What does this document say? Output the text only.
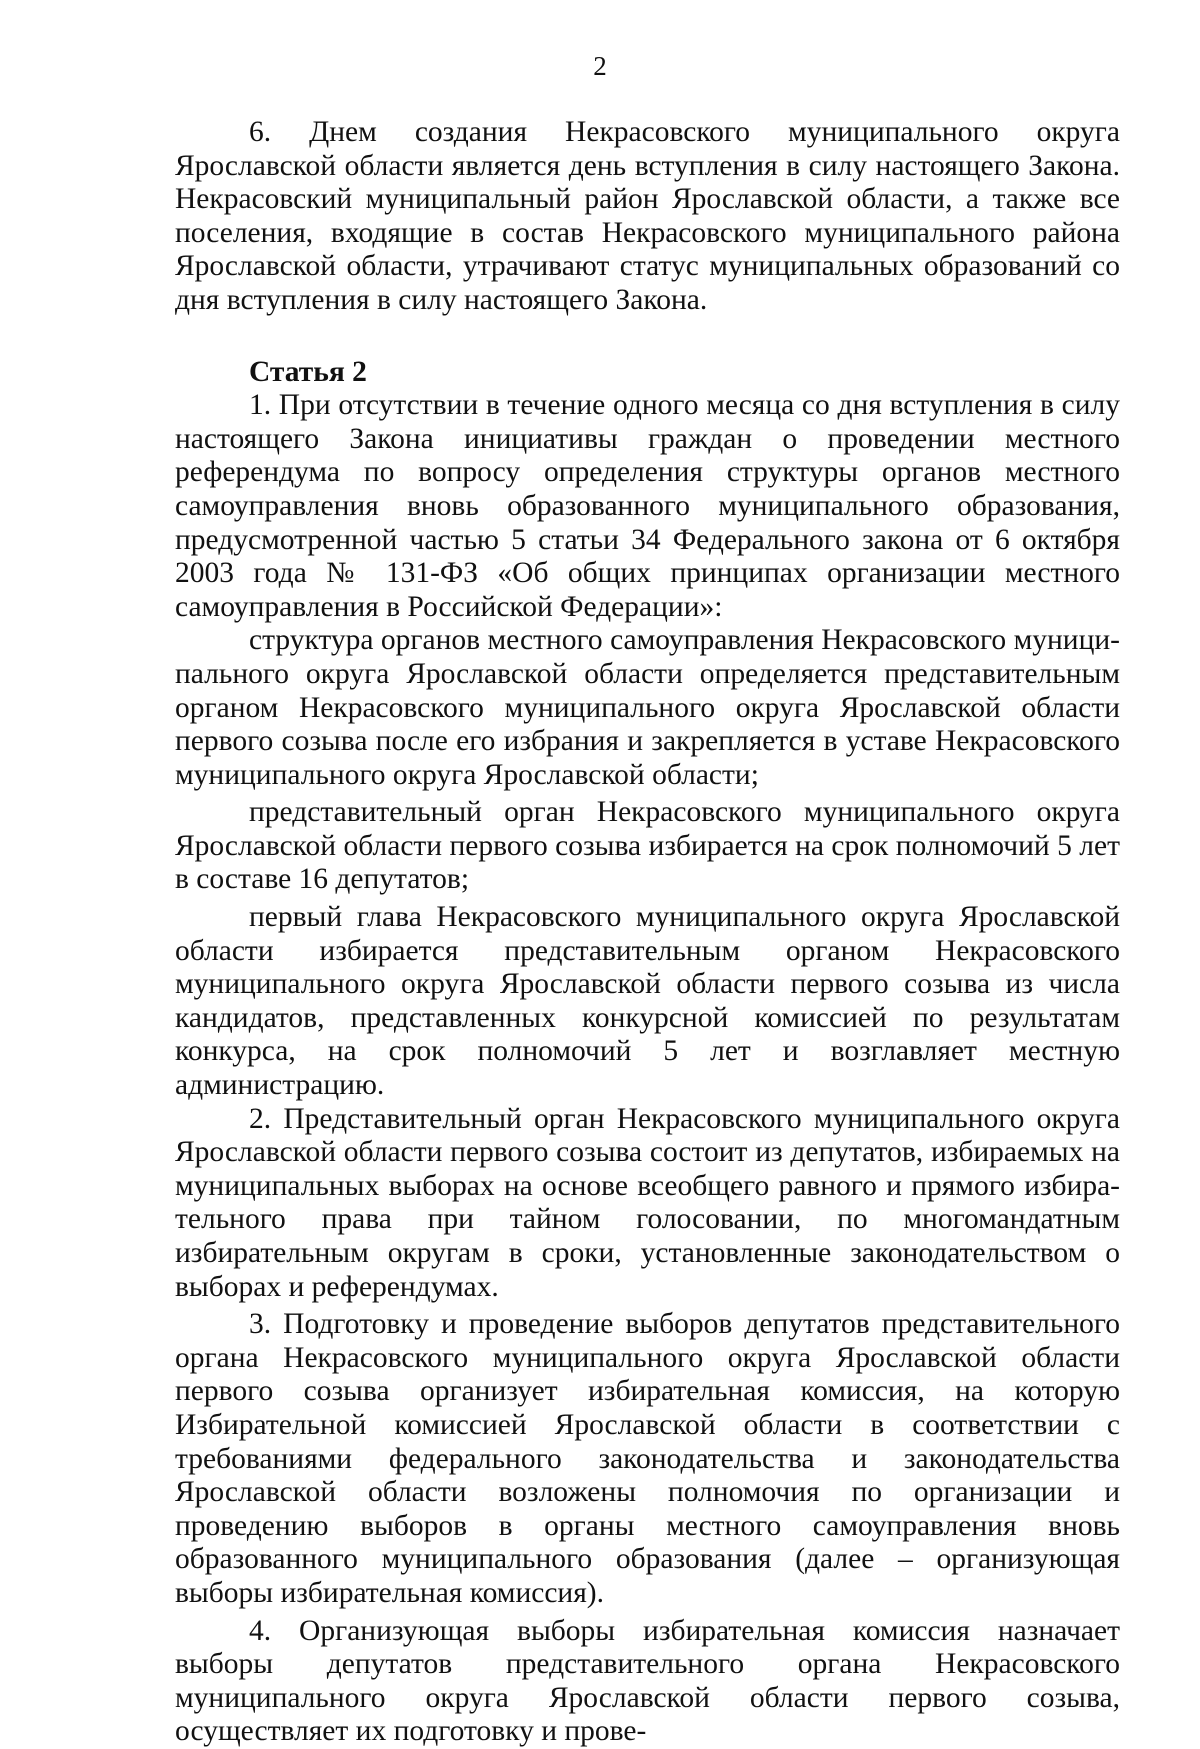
2

6. Днем создания Некрасовского муниципального округа Ярославской области является день вступления в силу настоящего Закона. Некрасовский муниципальный район Ярославской области, а также все поселения, входящие в состав Некрасовского муниципального района Ярославской области, утрачивают статус муниципальных образований со дня вступления в силу настоящего Закона.

Статья 2

1. При отсутствии в течение одного месяца со дня вступления в силу настоящего Закона инициативы граждан о проведении местного референдума по вопросу определения структуры органов местного самоуправления вновь образованного муниципального образования, предусмотренной частью 5 статьи 34 Федерального закона от 6 октября 2003 года № 131-ФЗ «Об общих принципах организации местного самоуправления в Российской Федерации»:

структура органов местного самоуправления Некрасовского муниципального округа Ярославской области определяется представительным органом Некрасовского муниципального округа Ярославской области первого созыва после его избрания и закрепляется в уставе Некрасовского муниципального округа Ярославской области;

представительный орган Некрасовского муниципального округа Ярославской области первого созыва избирается на срок полномочий 5 лет в составе 16 депутатов;

первый глава Некрасовского муниципального округа Ярославской области избирается представительным органом Некрасовского муниципального округа Ярославской области первого созыва из числа кандидатов, представленных конкурсной комиссией по результатам конкурса, на срок полномочий 5 лет и возглавляет местную администрацию.

2. Представительный орган Некрасовского муниципального округа Ярославской области первого созыва состоит из депутатов, избираемых на муниципальных выборах на основе всеобщего равного и прямого избирательного права при тайном голосовании, по многомандатным избирательным округам в сроки, установленные законодательством о выборах и референдумах.

3. Подготовку и проведение выборов депутатов представительного органа Некрасовского муниципального округа Ярославской области первого созыва организует избирательная комиссия, на которую Избирательной комиссией Ярославской области в соответствии с требованиями федерального законодательства и законодательства Ярославской области возложены полномочия по организации и проведению выборов в органы местного самоуправления вновь образованного муниципального образования (далее – организующая выборы избирательная комиссия).

4. Организующая выборы избирательная комиссия назначает выборы депутатов представительного органа Некрасовского муниципального округа Ярославской области первого созыва, осуществляет их подготовку и прове-
